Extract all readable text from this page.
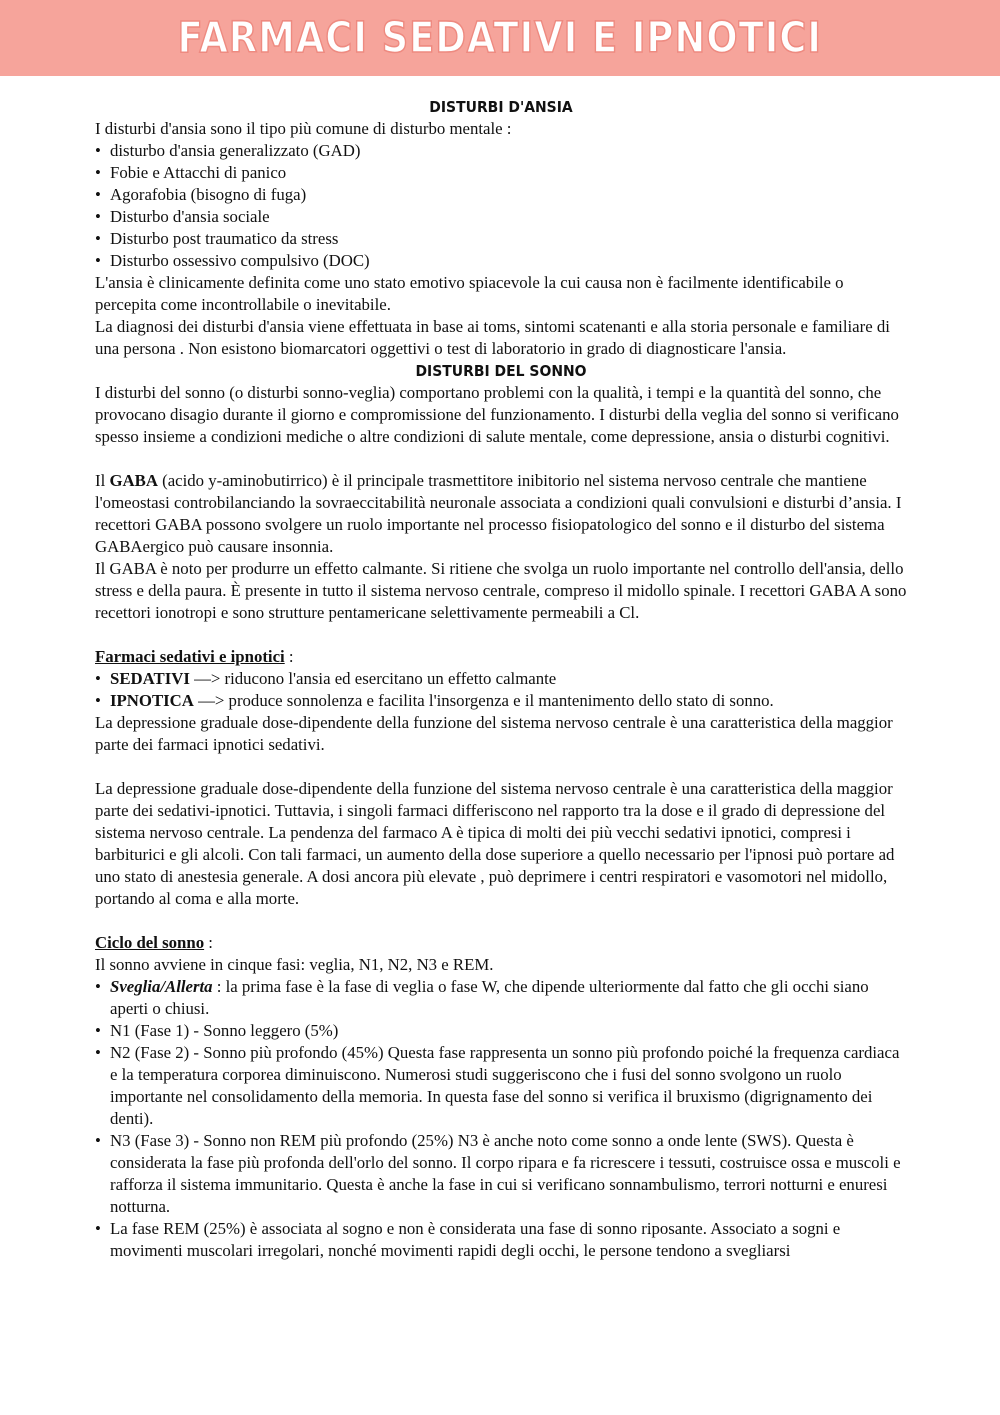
FARMACI SEDATIVI E IPNOTICI
DISTURBI D'ANSIA

I disturbi d'ansia sono il tipo più comune di disturbo mentale :

• disturbo d'ansia generalizzato (GAD)
• Fobie e Attacchi di panico
• Agorafobia (bisogno di fuga)
• Disturbo d'ansia sociale
• Disturbo post traumatico da stress
• Disturbo ossessivo compulsivo (DOC)

L'ansia è clinicamente definita come uno stato emotivo spiacevole la cui causa non è facilmente identificabile o percepita come incontrollabile o inevitabile.

La diagnosi dei disturbi d'ansia viene effettuata in base ai toms, sintomi scatenanti e alla storia personale e familiare di una persona . Non esistono biomarcatori oggettivi o test di laboratorio in grado di diagnosticare l'ansia.

DISTURBI DEL SONNO

I disturbi del sonno (o disturbi sonno-veglia) comportano problemi con la qualità, i tempi e la quantità del sonno, che provocano disagio durante il giorno e compromissione del funzionamento. I disturbi della veglia del sonno si verificano spesso insieme a condizioni mediche o altre condizioni di salute mentale, come depressione, ansia o disturbi cognitivi.

Il GABA (acido y-aminobutirrico) è il principale trasmettitore inibitorio nel sistema nervoso centrale che mantiene l'omeostasi controbilanciando la sovraeccitabilità neuronale associata a condizioni quali convulsioni e disturbi d’ansia. I recettori GABA possono svolgere un ruolo importante nel processo fisiopatologico del sonno e il disturbo del sistema GABAergico può causare insonnia.

Il GABA è noto per produrre un effetto calmante. Si ritiene che svolga un ruolo importante nel controllo dell'ansia, dello stress e della paura. È presente in tutto il sistema nervoso centrale, compreso il midollo spinale. I recettori GABA A sono recettori ionotropi e sono strutture pentamericane selettivamente permeabili a Cl.

Farmaci sedativi e ipnotici :

• SEDATIVI —> riducono l'ansia ed esercitano un effetto calmante
• IPNOTICA —> produce sonnolenza e facilita l'insorgenza e il mantenimento dello stato di sonno.

La depressione graduale dose-dipendente della funzione del sistema nervoso centrale è una caratteristica della maggior parte dei farmaci ipnotici sedativi.

La depressione graduale dose-dipendente della funzione del sistema nervoso centrale è una caratteristica della maggior parte dei sedativi-ipnotici. Tuttavia, i singoli farmaci differiscono nel rapporto tra la dose e il grado di depressione del sistema nervoso centrale. La pendenza del farmaco A è tipica di molti dei più vecchi sedativi ipnotici, compresi i barbiturici e gli alcoli. Con tali farmaci, un aumento della dose superiore a quello necessario per l'ipnosi può portare ad uno stato di anestesia generale. A dosi ancora più elevate , può deprimere i centri respiratori e vasomotori nel midollo, portando al coma e alla morte.

Ciclo del sonno :

Il sonno avviene in cinque fasi: veglia, N1, N2, N3 e REM.

• Sveglia/Allerta : la prima fase è la fase di veglia o fase W, che dipende ulteriormente dal fatto che gli occhi siano aperti o chiusi.
• N1 (Fase 1) - Sonno leggero (5%)
• N2 (Fase 2) - Sonno più profondo (45%) Questa fase rappresenta un sonno più profondo poiché la frequenza cardiaca e la temperatura corporea diminuiscono. Numerosi studi suggeriscono che i fusi del sonno svolgono un ruolo importante nel consolidamento della memoria. In questa fase del sonno si verifica il bruxismo (digrignamento dei denti).
• N3 (Fase 3) - Sonno non REM più profondo (25%) N3 è anche noto come sonno a onde lente (SWS). Questa è considerata la fase più profonda dell'orlo del sonno. Il corpo ripara e fa ricrescere i tessuti, costruisce ossa e muscoli e rafforza il sistema immunitario. Questa è anche la fase in cui si verificano sonnambulismo, terrori notturni e enuresi notturna.
• La fase REM (25%) è associata al sogno e non è considerata una fase di sonno riposante. Associato a sogni e movimenti muscolari irregolari, nonché movimenti rapidi degli occhi, le persone tendono a svegliarsi
